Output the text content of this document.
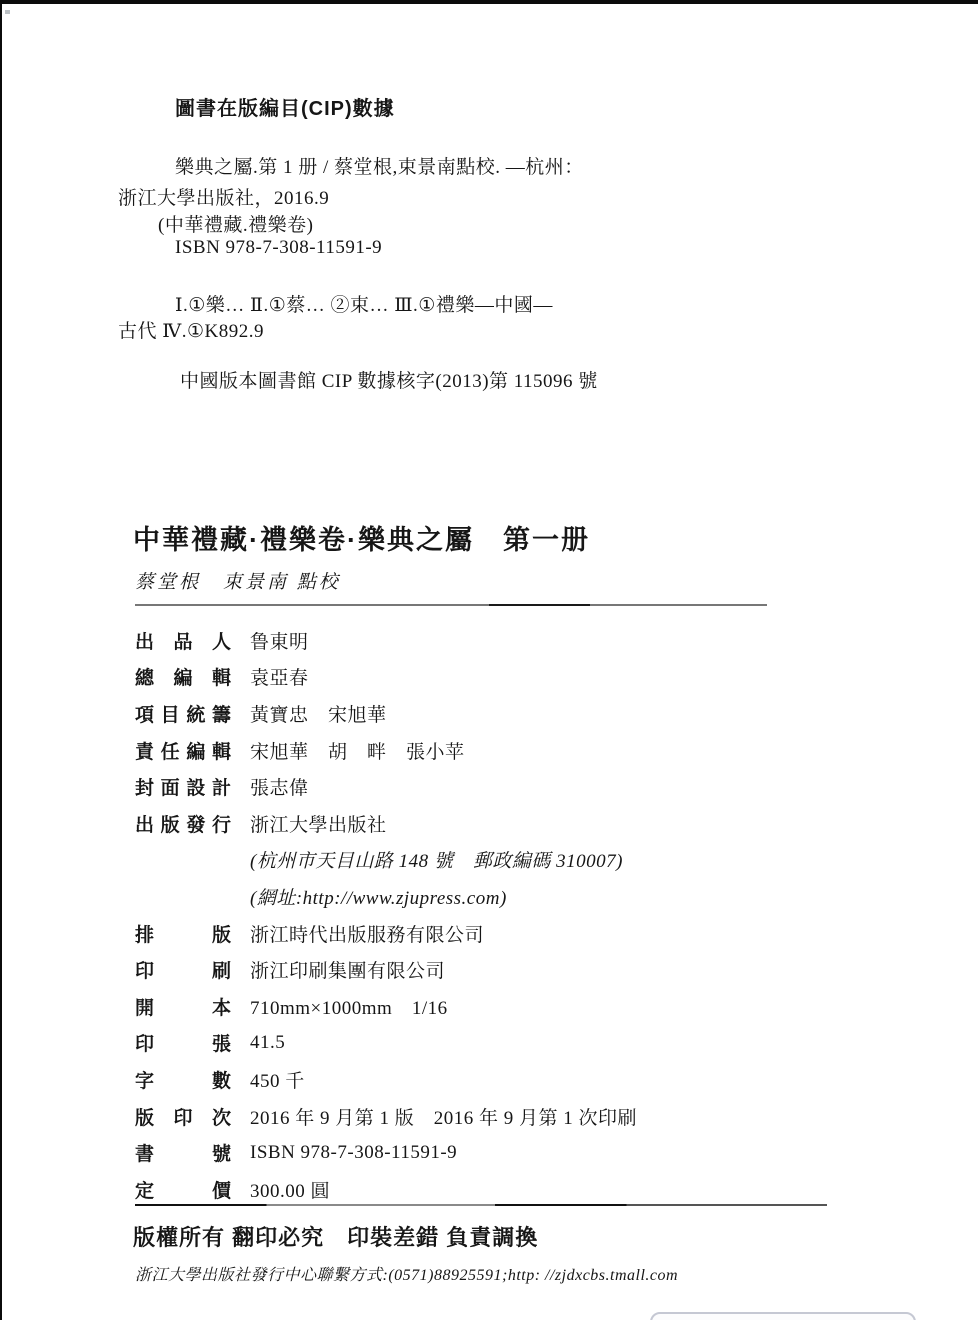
圖書在版編目(CIP)數據
樂典之屬.第 1 册 / 蔡堂根,束景南點校. —杭州：
浙江大學出版社，2016.9
(中華禮藏.禮樂卷)
ISBN 978-7-308-11591-9
Ⅰ.①樂… Ⅱ.①蔡… ②束… Ⅲ.①禮樂—中國—
古代 Ⅳ.①K892.9
中國版本圖書館 CIP 數據核字(2013)第 115096 號
中華禮藏·禮樂卷·樂典之屬　第一册
蔡堂根　束景南 點校
出品人 鲁東明
總編輯 袁亞春
項目統籌 黃寶忠　宋旭華
責任編輯 宋旭華　胡　畔　張小苹
封面設計 張志偉
出版發行 浙江大學出版社
(杭州市天目山路 148 號　郵政編碼 310007)
(網址:http://www.zjupress.com)
排版 浙江時代出版服務有限公司
印刷 浙江印刷集團有限公司
開本 710mm×1000mm　1/16
印張 41.5
字數 450 千
版印次 2016 年 9 月第 1 版　2016 年 9 月第 1 次印刷
書號 ISBN 978-7-308-11591-9
定價 300.00 圓
版權所有 翻印必究　印裝差錯 負責調換
浙江大學出版社發行中心聯繫方式:(0571)88925591;http: //zjdxcbs.tmall.com
